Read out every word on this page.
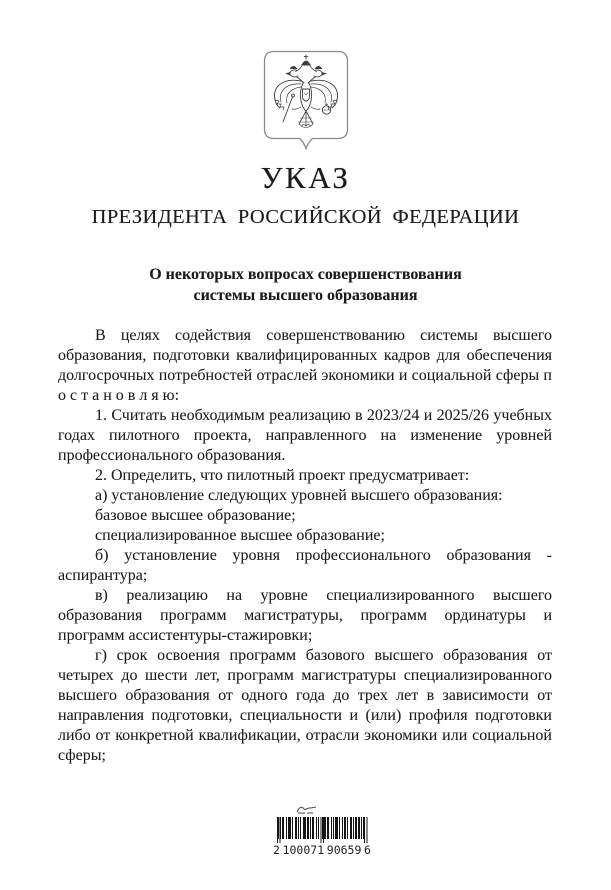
УКАЗ
ПРЕЗИДЕНТА РОССИЙСКОЙ ФЕДЕРАЦИИ
О некоторых вопросах совершенствования
системы высшего образования

В целях содействия совершенствованию системы высшего образования, подготовки квалифицированных кадров для обеспечения долгосрочных потребностей отраслей экономики и социальной сферы п о с т а н о в л я ю:

1. Считать необходимым реализацию в 2023/24 и 2025/26 учебных годах пилотного проекта, направленного на изменение уровней профессионального образования.

2. Определить, что пилотный проект предусматривает:

а) установление следующих уровней высшего образования:

базовое высшее образование;

специализированное высшее образование;

б) установление уровня профессионального образования - аспирантура;

в) реализацию на уровне специализированного высшего образования программ магистратуры, программ ординатуры и программ ассистентуры-стажировки;

г) срок освоения программ базового высшего образования от четырех до шести лет, программ магистратуры специализированного высшего образования от одного года до трех лет в зависимости от направления подготовки, специальности и (или) профиля подготовки либо от конкретной квалификации, отрасли экономики или социальной сферы;

2 100071 90659 6
